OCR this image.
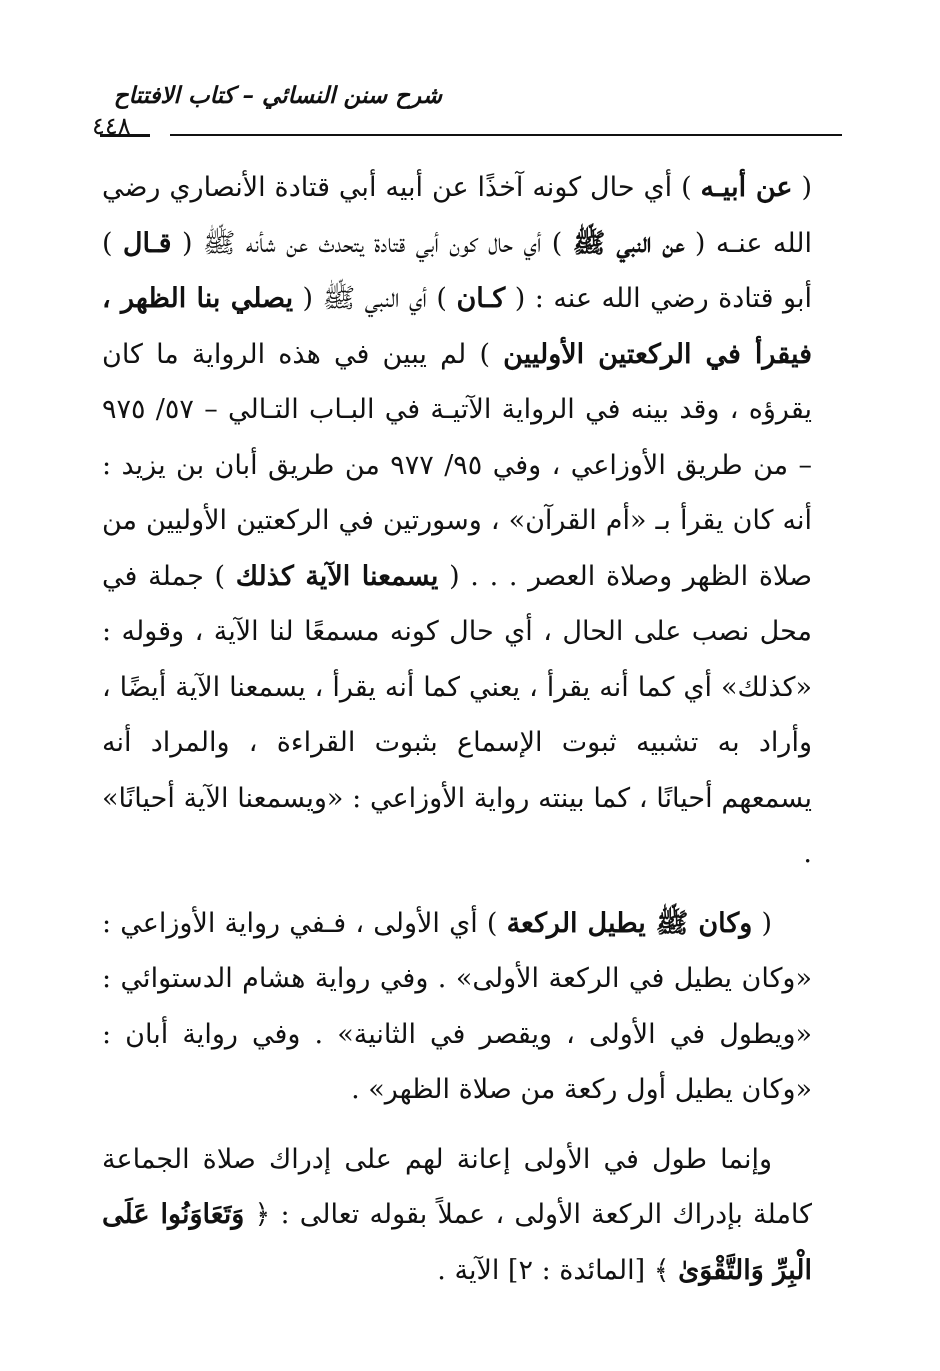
شرح سنن النسائي – كتاب الافتتاح
٤٤٨

( عن أبيـه ) أي حال كونه آخذًا عن أبيه أبي قتادة الأنصاري رضي الله عنـه ( عن النبي ﷺ ) أي حال كون أبي قتادة يتحدث عن شأنه ﷺ ( قـال ) أبو قتادة رضي الله عنه : ( كـان ) أي النبي ﷺ ( يصلي بنا الظهر ، فيقرأ في الركعتين الأوليين ) لم يبين في هذه الرواية ما كان يقرؤه ، وقد بينه في الرواية الآتيـة في البـاب التـالي – ٥٧/ ٩٧٥ – من طريق الأوزاعي ، وفي ٩٥/ ٩٧٧ من طريق أبان بن يزيد : أنه كان يقرأ بـ «أم القرآن» ، وسورتين في الركعتين الأوليين من صلاة الظهر وصلاة العصر . . . ( يسمعنا الآية كذلك ) جملة في محل نصب على الحال ، أي حال كونه مسمعًا لنا الآية ، وقوله : «كذلك» أي كما أنه يقرأ ، يعني كما أنه يقرأ ، يسمعنا الآية أيضًا ، وأراد به تشبيه ثبوت الإسماع بثبوت القراءة ، والمراد أنه يسمعهم أحيانًا ، كما بينته رواية الأوزاعي : «ويسمعنا الآية أحيانًا» .

( وكان ﷺ يطيل الركعة ) أي الأولى ، فـفي رواية الأوزاعي : «وكان يطيل في الركعة الأولى» . وفي رواية هشام الدستوائي : «ويطول في الأولى ، ويقصر في الثانية» . وفي رواية أبان : «وكان يطيل أول ركعة من صلاة الظهر» .

وإنما طول في الأولى إعانة لهم على إدراك صلاة الجماعة كاملة بإدراك الركعة الأولى ، عملاً بقوله تعالى : ﴿ وَتَعَاوَنُوا عَلَى الْبِرِّ وَالتَّقْوَىٰ ﴾ [المائدة : ٢] الآية .
